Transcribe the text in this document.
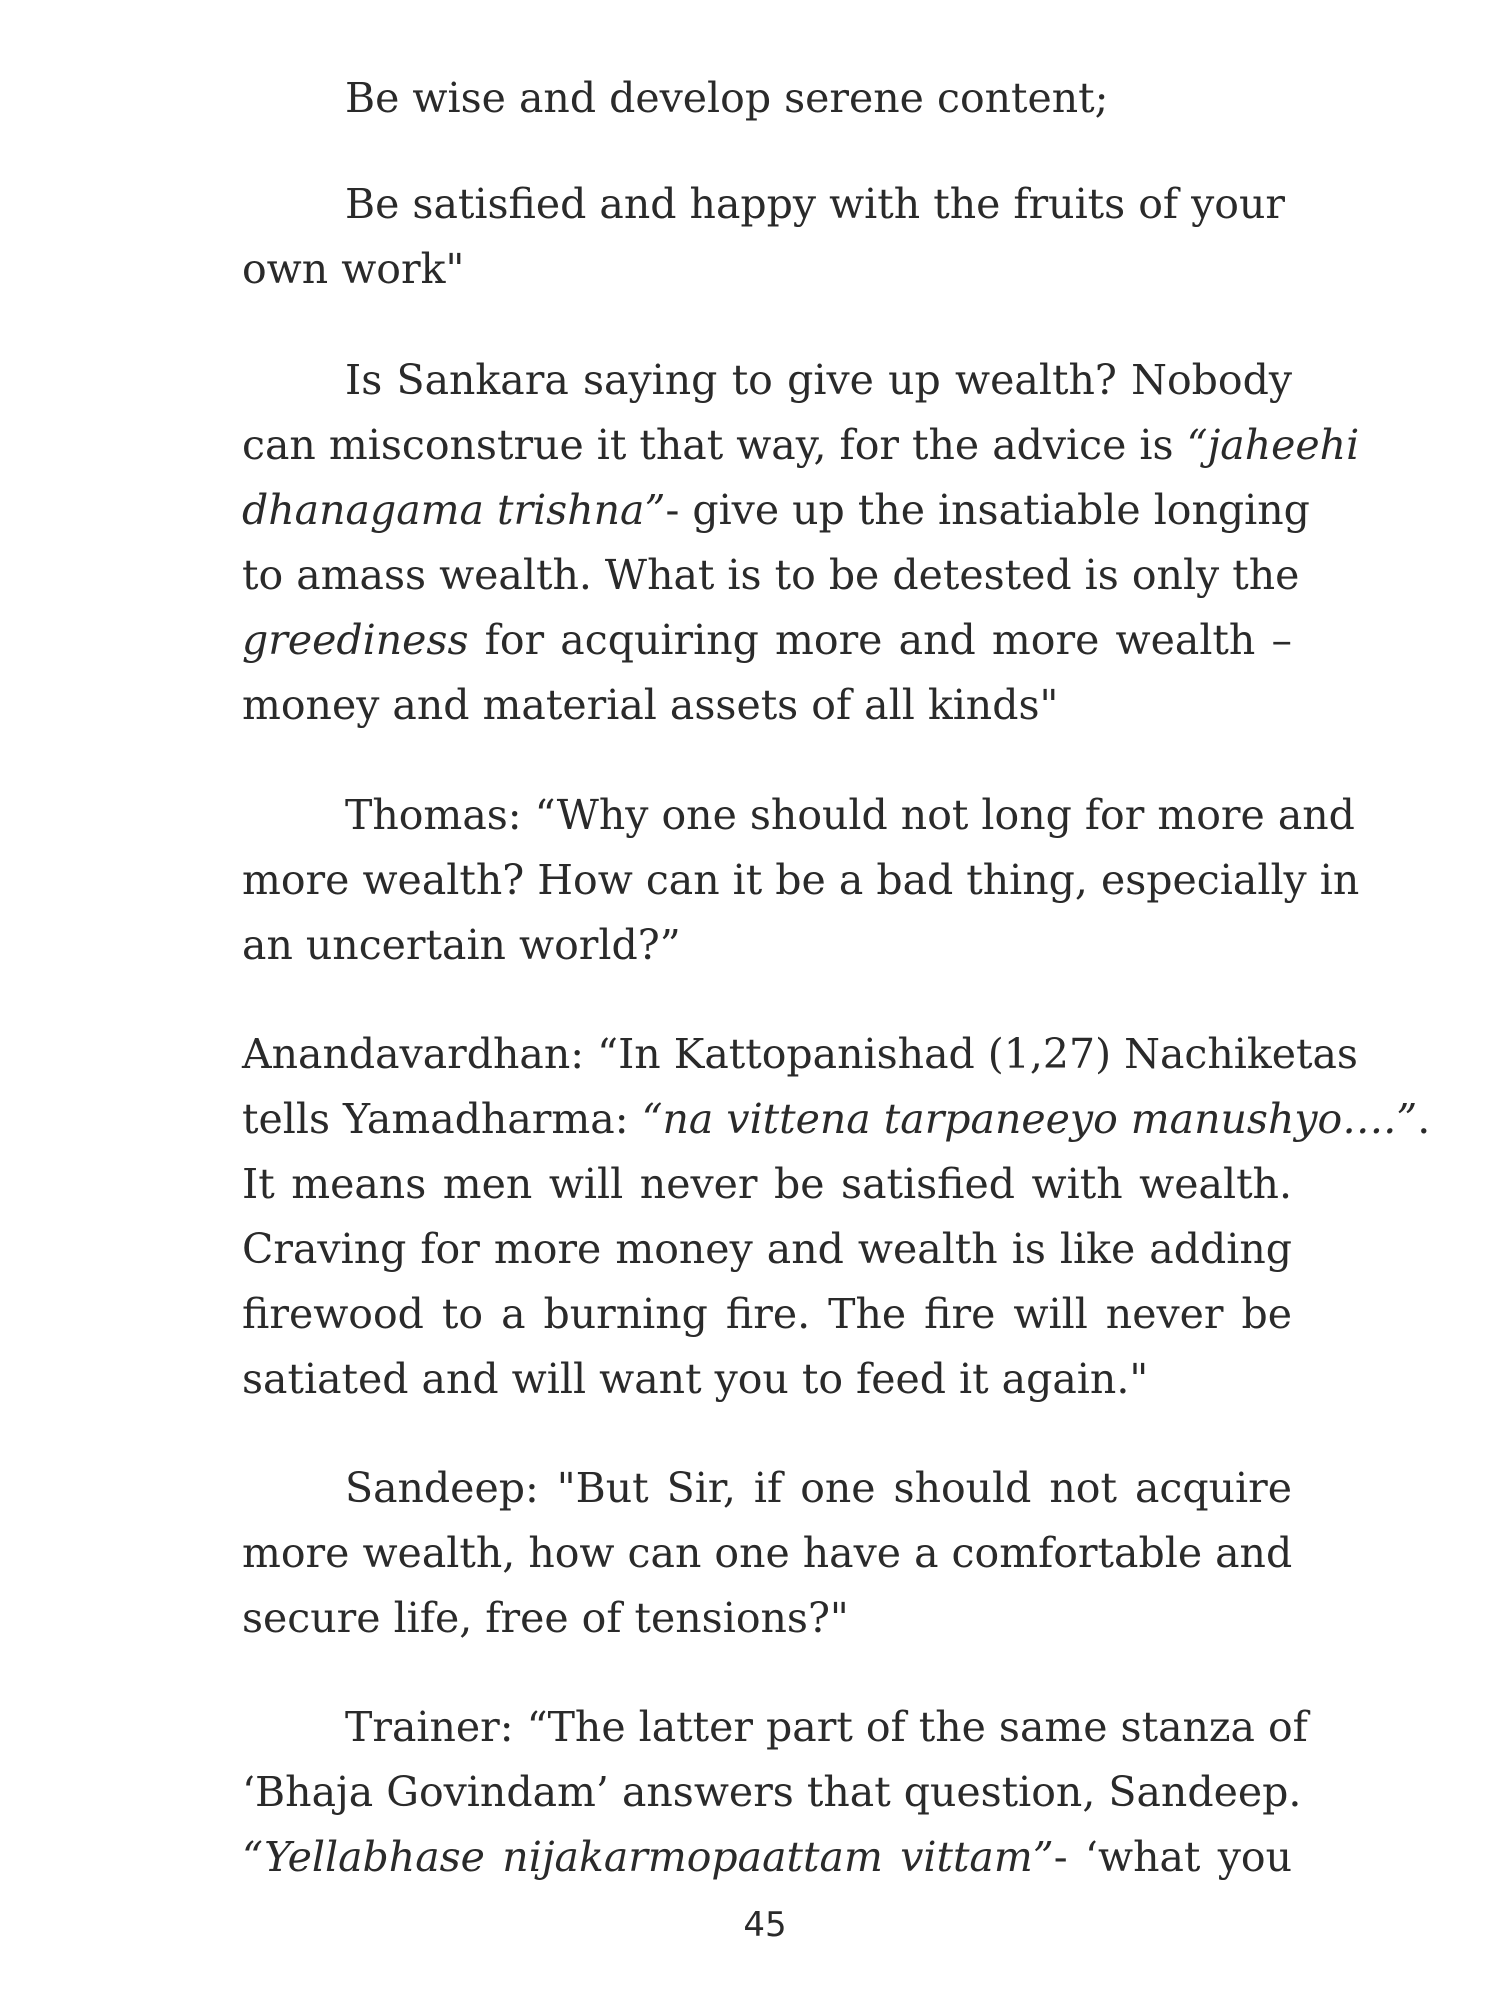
Be wise and develop serene content;
Be satisfied and happy with the fruits of your
own work"
Is Sankara saying to give up wealth? Nobody
can misconstrue it that way, for the advice is “jaheehi
dhanagama trishna”- give up the insatiable longing
to amass wealth. What is to be detested is only the
greediness for acquiring more and more wealth –
money and material assets of all kinds"
Thomas: “Why one should not long for more and
more wealth? How can it be a bad thing, especially in
an uncertain world?”
Anandavardhan: “In Kattopanishad (1,27) Nachiketas
tells Yamadharma: “na vittena tarpaneeyo manushyo….”.
It means men will never be satisfied with wealth.
Craving for more money and wealth is like adding
firewood to a burning fire. The fire will never be
satiated and will want you to feed it again."
Sandeep: "But Sir, if one should not acquire
more wealth, how can one have a comfortable and
secure life, free of tensions?"
Trainer: “The latter part of the same stanza of
‘Bhaja Govindam’ answers that question, Sandeep.
“Yellabhase nijakarmopaattam vittam”- ‘what you
45
